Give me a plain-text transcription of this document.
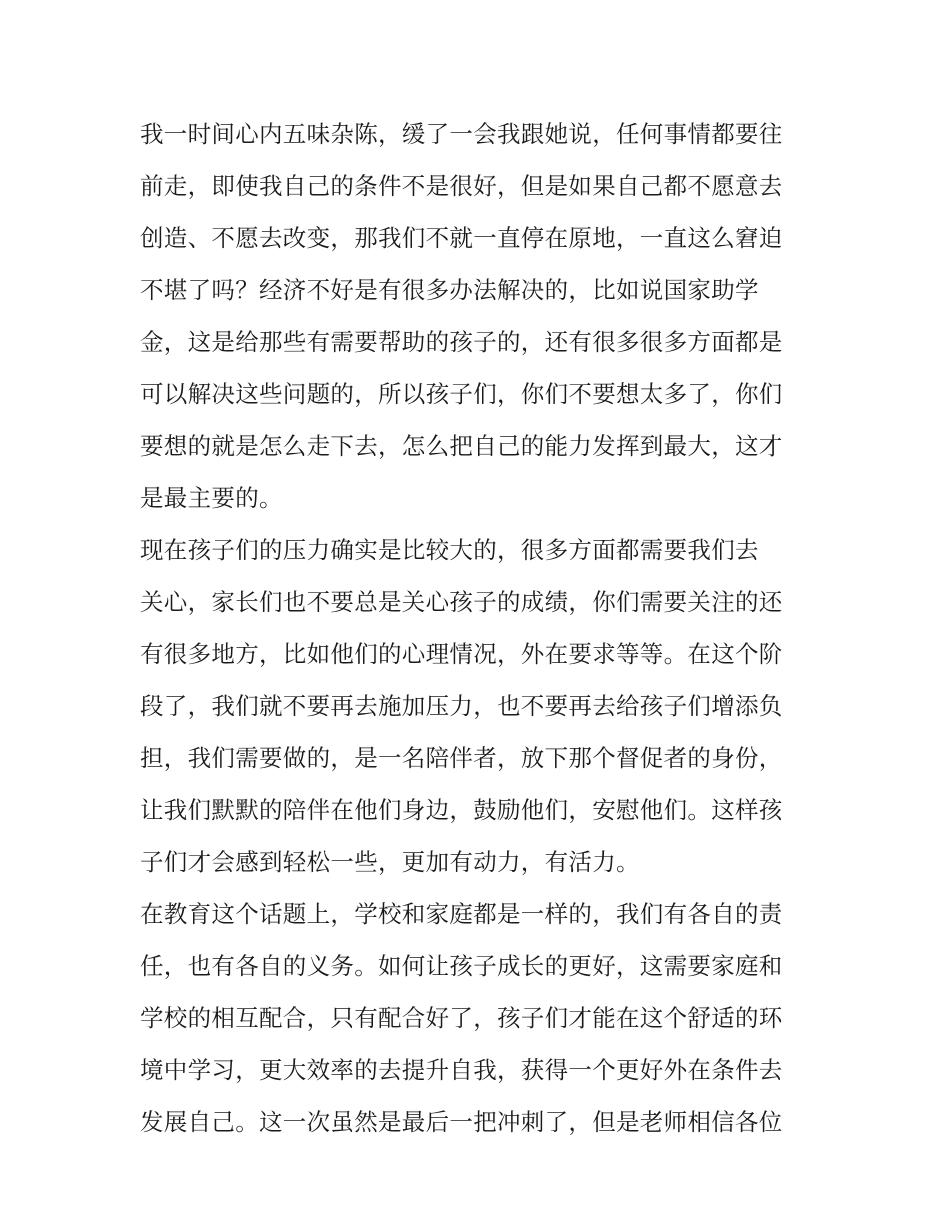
我一时间心内五味杂陈，缓了一会我跟她说，任何事情都要往
前走，即使我自己的条件不是很好，但是如果自己都不愿意去
创造、不愿去改变，那我们不就一直停在原地，一直这么窘迫
不堪了吗？经济不好是有很多办法解决的，比如说国家助学
金，这是给那些有需要帮助的孩子的，还有很多很多方面都是
可以解决这些问题的，所以孩子们，你们不要想太多了，你们
要想的就是怎么走下去，怎么把自己的能力发挥到最大，这才
是最主要的。
现在孩子们的压力确实是比较大的，很多方面都需要我们去
关心，家长们也不要总是关心孩子的成绩，你们需要关注的还
有很多地方，比如他们的心理情况，外在要求等等。在这个阶
段了，我们就不要再去施加压力，也不要再去给孩子们增添负
担，我们需要做的，是一名陪伴者，放下那个督促者的身份，
让我们默默的陪伴在他们身边，鼓励他们，安慰他们。这样孩
子们才会感到轻松一些，更加有动力，有活力。
在教育这个话题上，学校和家庭都是一样的，我们有各自的责
任，也有各自的义务。如何让孩子成长的更好，这需要家庭和
学校的相互配合，只有配合好了，孩子们才能在这个舒适的环
境中学习，更大效率的去提升自我，获得一个更好外在条件去
发展自己。这一次虽然是最后一把冲刺了，但是老师相信各位
